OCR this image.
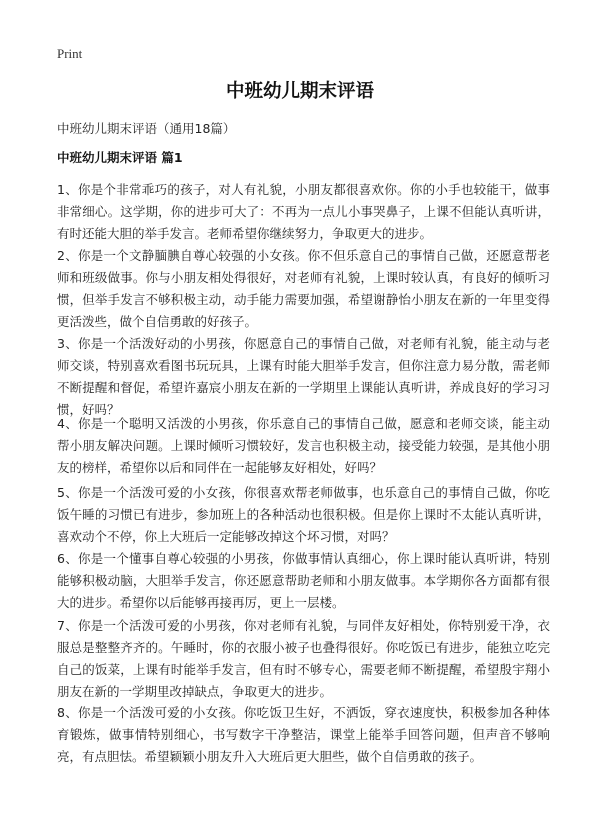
Print
中班幼儿期末评语

中班幼儿期末评语（通用18篇）

中班幼儿期末评语 篇1

1、你是个非常乖巧的孩子，对人有礼貌，小朋友都很喜欢你。你的小手也较能干，做事非常细心。这学期，你的进步可大了：不再为一点儿小事哭鼻子，上课不但能认真听讲，有时还能大胆的举手发言。老师希望你继续努力，争取更大的进步。

2、你是一个文静腼腆自尊心较强的小女孩。你不但乐意自己的事情自己做，还愿意帮老师和班级做事。你与小朋友相处得很好，对老师有礼貌，上课时较认真，有良好的倾听习惯，但举手发言不够积极主动，动手能力需要加强，希望谢静怡小朋友在新的一年里变得更活泼些，做个自信勇敢的好孩子。

3、你是一个活泼好动的小男孩，你愿意自己的事情自己做，对老师有礼貌，能主动与老师交谈，特别喜欢看图书玩玩具，上课有时能大胆举手发言，但你注意力易分散，需老师不断提醒和督促，希望许嘉宸小朋友在新的一学期里上课能认真听讲，养成良好的学习习惯，好吗？

4、你是一个聪明又活泼的小男孩，你乐意自己的事情自己做，愿意和老师交谈，能主动帮小朋友解决问题。上课时倾听习惯较好，发言也积极主动，接受能力较强，是其他小朋友的榜样，希望你以后和同伴在一起能够友好相处，好吗？

5、你是一个活泼可爱的小女孩，你很喜欢帮老师做事，也乐意自己的事情自己做，你吃饭午睡的习惯已有进步，参加班上的各种活动也很积极。但是你上课时不太能认真听讲，喜欢动个不停，你上大班后一定能够改掉这个坏习惯，对吗？

6、你是一个懂事自尊心较强的小男孩，你做事情认真细心，你上课时能认真听讲，特别能够积极动脑，大胆举手发言，你还愿意帮助老师和小朋友做事。本学期你各方面都有很大的进步。希望你以后能够再接再厉，更上一层楼。

7、你是一个活泼可爱的小男孩，你对老师有礼貌，与同伴友好相处，你特别爱干净，衣服总是整整齐齐的。午睡时，你的衣服小被子也叠得很好。你吃饭已有进步，能独立吃完自己的饭菜，上课有时能举手发言，但有时不够专心，需要老师不断提醒，希望殷宇翔小朋友在新的一学期里改掉缺点，争取更大的进步。

8、你是一个活泼可爱的小女孩。你吃饭卫生好，不洒饭，穿衣速度快，积极参加各种体育锻炼，做事情特别细心，书写数字干净整洁，课堂上能举手回答问题，但声音不够响亮，有点胆怯。希望颖颖小朋友升入大班后更大胆些，做个自信勇敢的孩子。
